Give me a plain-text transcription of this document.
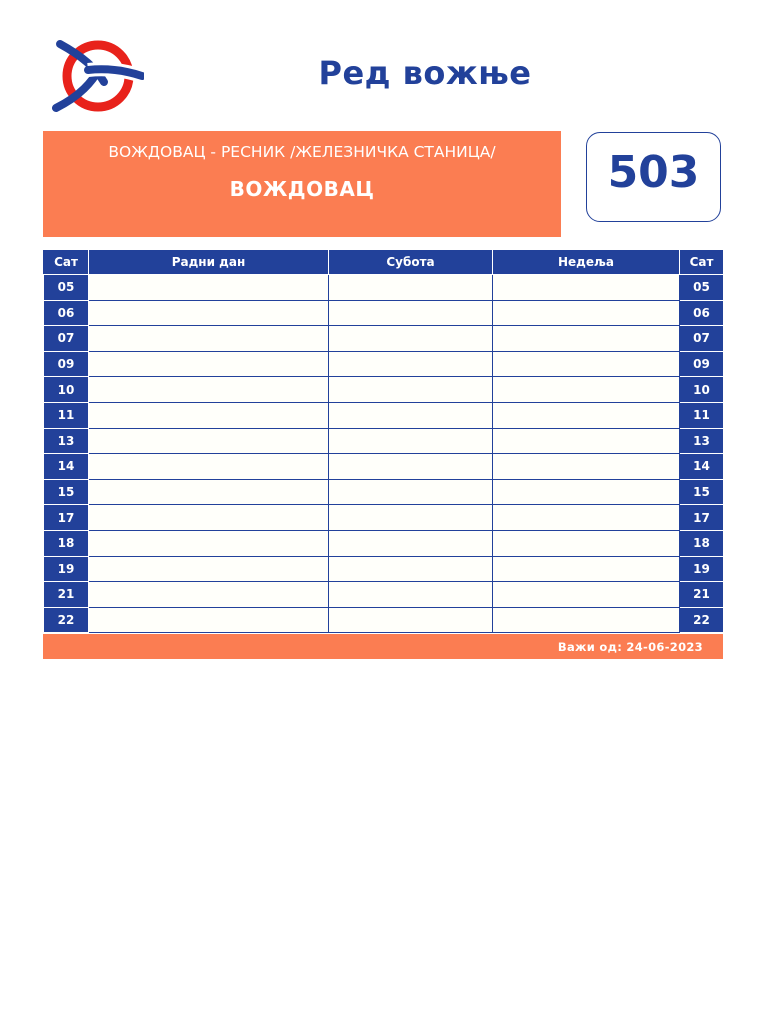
Ред вожње
ВОЖДОВАЦ - РЕСНИК /ЖЕЛЕЗНИЧКА СТАНИЦА/
ВОЖДОВАЦ	503
Сат	Радни дан	Субота	Недеља	Сат
05				05
06				06
07				07
09				09
10				10
11				11
13				13
14				14
15				15
17				17
18				18
19				19
21				21
22				22
Важи од: 24-06-2023
